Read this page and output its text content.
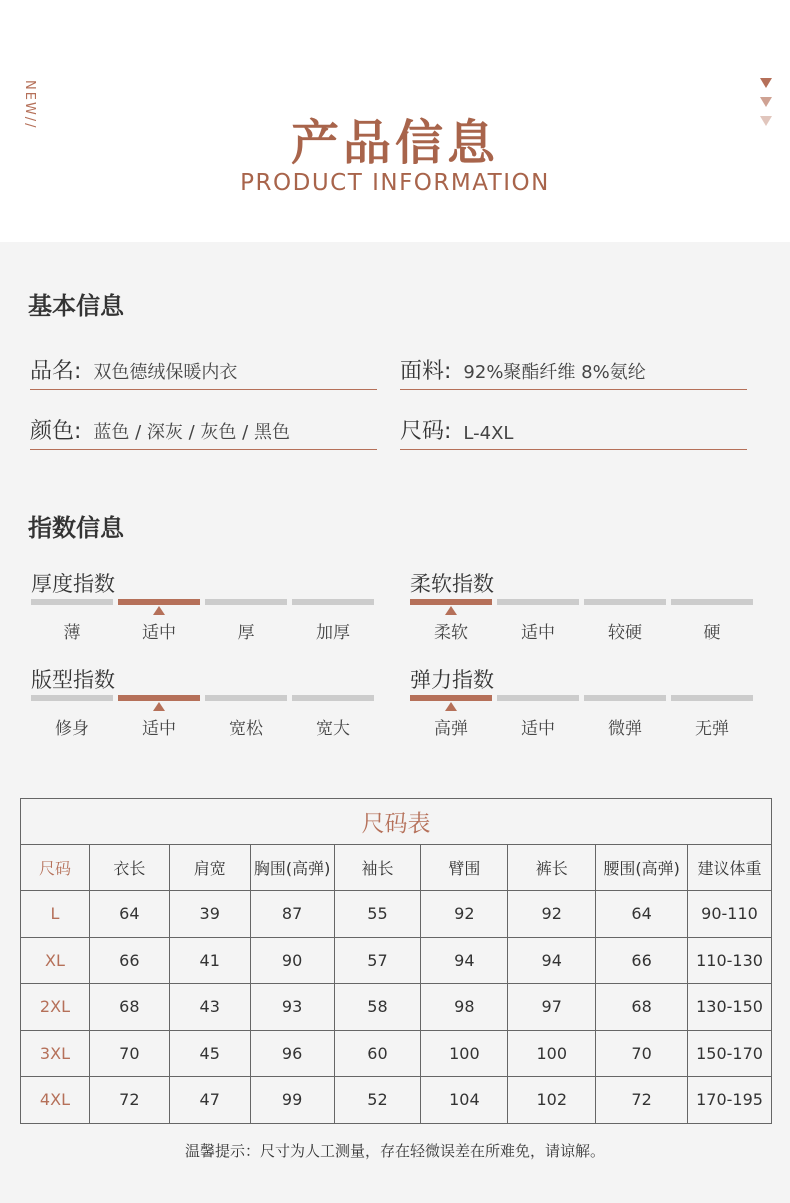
NEW//
产品信息
PRODUCT INFORMATION
基本信息
品名: 双色德绒保暖内衣	面料: 92%聚酯纤维 8%氨纶
颜色: 蓝色 / 深灰 / 灰色 / 黑色	尺码: L-4XL
指数信息
厚度指数
薄	适中	厚	加厚
柔软指数
柔软	适中	较硬	硬
版型指数
修身	适中	宽松	宽大
弹力指数
高弹	适中	微弹	无弹
尺码表								
尺码	衣长	肩宽	胸围(高弹)	袖长	臂围	裤长	腰围(高弹)	建议体重
L	64	39	87	55	92	92	64	90-110
XL	66	41	90	57	94	94	66	110-130
2XL	68	43	93	58	98	97	68	130-150
3XL	70	45	96	60	100	100	70	150-170
4XL	72	47	99	52	104	102	72	170-195
温馨提示：尺寸为人工测量，存在轻微误差在所难免，请谅解。
